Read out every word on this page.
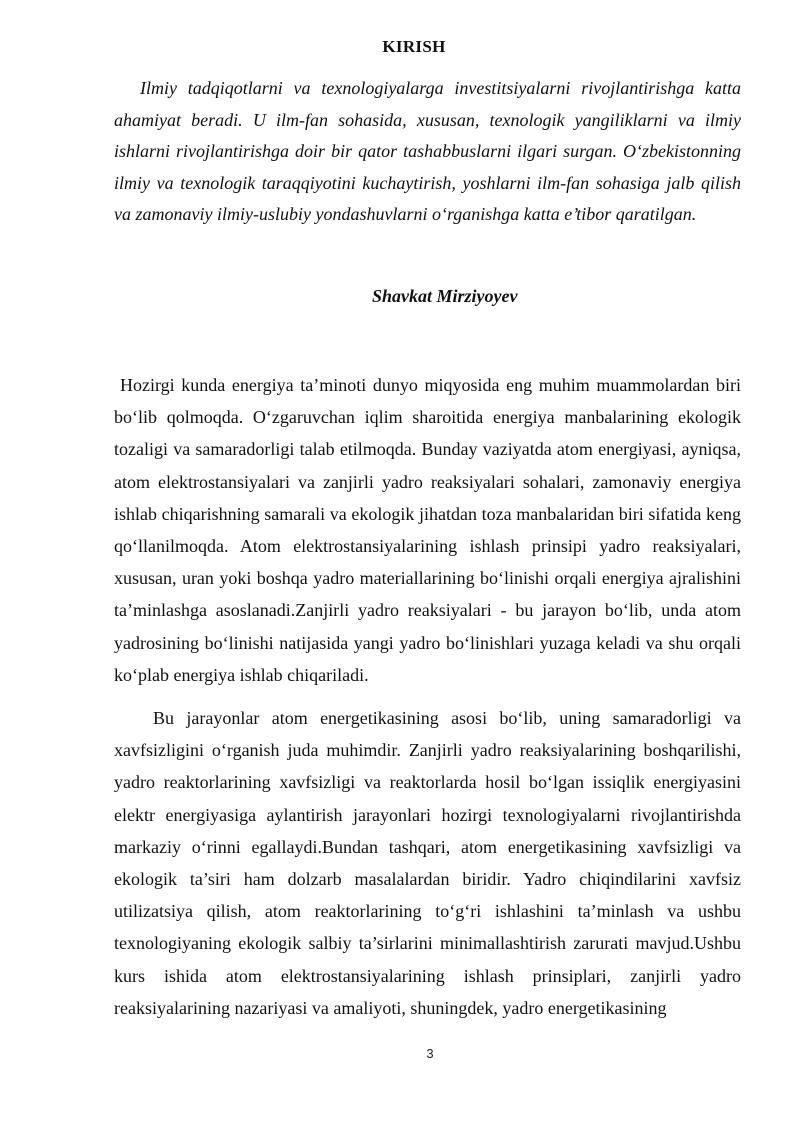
KIRISH

Ilmiy tadqiqotlarni va texnologiyalarga investitsiyalarni rivojlantirishga katta ahamiyat beradi. U ilm-fan sohasida, xususan, texnologik yangiliklarni va ilmiy ishlarni rivojlantirishga doir bir qator tashabbuslarni ilgari surgan. O‘zbekistonning ilmiy va texnologik taraqqiyotini kuchaytirish, yoshlarni ilm-fan sohasiga jalb qilish va zamonaviy ilmiy-uslubiy yondashuvlarni o‘rganishga katta e’tibor qaratilgan.

Shavkat Mirziyoyev

Hozirgi kunda energiya ta’minoti dunyo miqyosida eng muhim muammolardan biri bo‘lib qolmoqda. O‘zgaruvchan iqlim sharoitida energiya manbalarining ekologik tozaligi va samaradorligi talab etilmoqda. Bunday vaziyatda atom energiyasi, ayniqsa, atom elektrostansiyalari va zanjirli yadro reaksiyalari sohalari, zamonaviy energiya ishlab chiqarishning samarali va ekologik jihatdan toza manbalaridan biri sifatida keng qo‘llanilmoqda. Atom elektrostansiyalarining ishlash prinsipi yadro reaksiyalari, xususan, uran yoki boshqa yadro materiallarining bo‘linishi orqali energiya ajralishini ta’minlashga asoslanadi.Zanjirli yadro reaksiyalari - bu jarayon bo‘lib, unda atom yadrosining bo‘linishi natijasida yangi yadro bo‘linishlari yuzaga keladi va shu orqali ko‘plab energiya ishlab chiqariladi.

Bu jarayonlar atom energetikasining asosi bo‘lib, uning samaradorligi va xavfsizligini o‘rganish juda muhimdir. Zanjirli yadro reaksiyalarining boshqarilishi, yadro reaktorlarining xavfsizligi va reaktorlarda hosil bo‘lgan issiqlik energiyasini elektr energiyasiga aylantirish jarayonlari hozirgi texnologiyalarni rivojlantirishda markaziy o‘rinni egallaydi.Bundan tashqari, atom energetikasining xavfsizligi va ekologik ta’siri ham dolzarb masalalardan biridir. Yadro chiqindilarini xavfsiz utilizatsiya qilish, atom reaktorlarining to‘g‘ri ishlashini ta’minlash va ushbu texnologiyaning ekologik salbiy ta’sirlarini minimallashtirish zarurati mavjud.Ushbu kurs ishida atom elektrostansiyalarining ishlash prinsiplari, zanjirli yadro reaksiyalarining nazariyasi va amaliyoti, shuningdek, yadro energetikasining

3
